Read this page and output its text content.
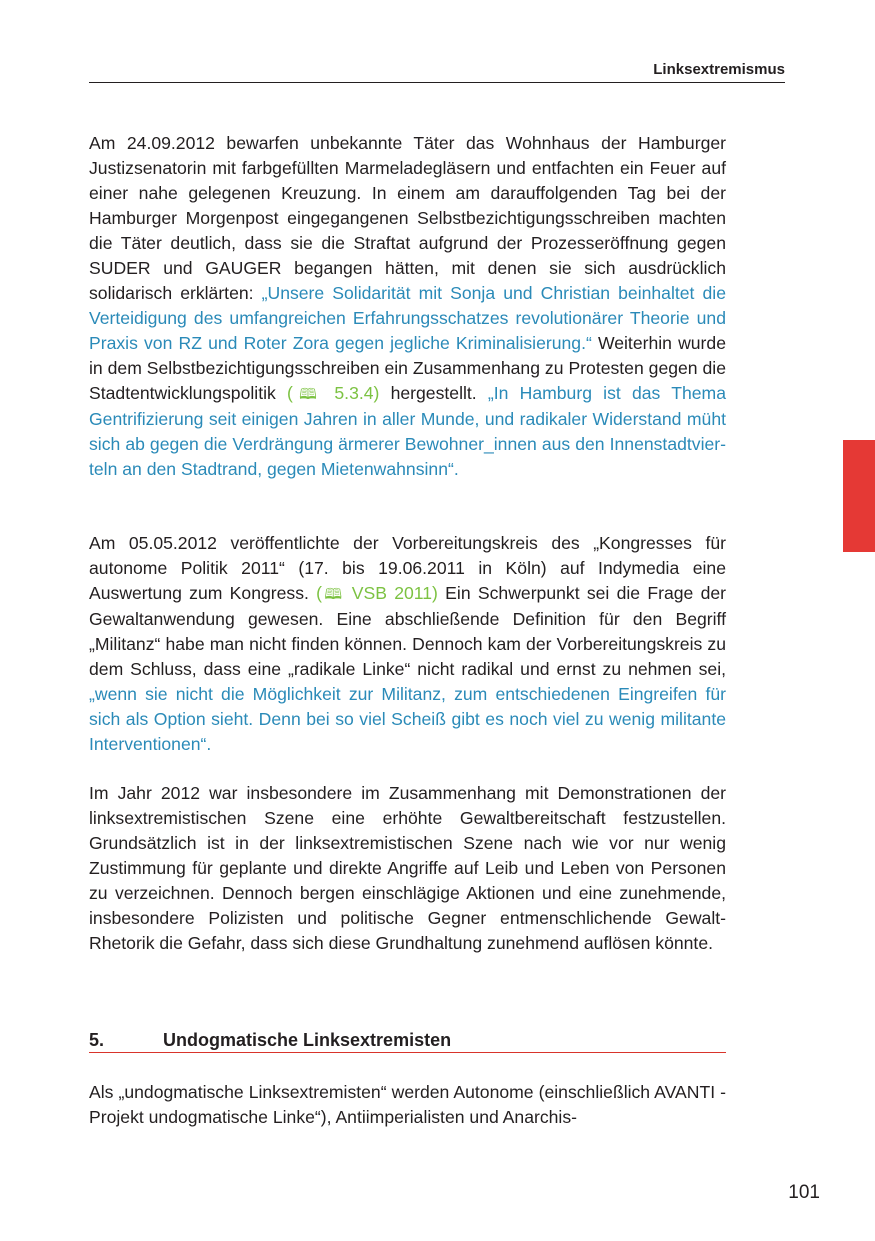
Linksextremismus

Am 24.09.2012 bewarfen unbekannte Täter das Wohnhaus der Hamburger Justizsenatorin mit farbgefüllten Marmeladegläsern und entfachten ein Feuer auf einer nahe gelegenen Kreuzung. In einem am darauffolgenden Tag bei der Hamburger Morgenpost eingegangenen Selbstbezichtigungsschreiben machten die Täter deutlich, dass sie die Straftat aufgrund der Prozesseröffnung gegen SUDER und GAUGER begangen hätten, mit denen sie sich ausdrücklich solidarisch erklärten: „Unsere Solidarität mit Sonja und Christian beinhaltet die Verteidigung des umfangreichen Erfahrungsschatzes revolutionärer Theorie und Praxis von RZ und Roter Zora gegen jegliche Kriminalisierung.“ Weiterhin wurde in dem Selbstbezichtigungsschreiben ein Zusammenhang zu Protesten gegen die Stadtentwicklungspolitik (🕮 5.3.4) hergestellt. „In Hamburg ist das Thema Gentrifizierung seit einigen Jahren in aller Munde, und radikaler Widerstand müht sich ab gegen die Verdrängung ärmerer Bewohner_innen aus den Innenstadtvierteln an den Stadtrand, gegen Mietenwahnsinn“.

Am 05.05.2012 veröffentlichte der Vorbereitungskreis des „Kongresses für autonome Politik 2011“ (17. bis 19.06.2011 in Köln) auf Indymedia eine Auswertung zum Kongress. (🕮 VSB 2011) Ein Schwerpunkt sei die Frage der Gewaltanwendung gewesen. Eine abschließende Definition für den Begriff „Militanz“ habe man nicht finden können. Dennoch kam der Vorbereitungskreis zu dem Schluss, dass eine „radikale Linke“ nicht radikal und ernst zu nehmen sei, „wenn sie nicht die Möglichkeit zur Militanz, zum entschiedenen Eingreifen für sich als Option sieht. Denn bei so viel Scheiß gibt es noch viel zu wenig militante Interventionen“.

Im Jahr 2012 war insbesondere im Zusammenhang mit Demonstrationen der linksextremistischen Szene eine erhöhte Gewaltbereitschaft festzustellen. Grundsätzlich ist in der linksextremistischen Szene nach wie vor nur wenig Zustimmung für geplante und direkte Angriffe auf Leib und Leben von Personen zu verzeichnen. Dennoch bergen einschlägige Aktionen und eine zunehmende, insbesondere Polizisten und politische Gegner entmenschlichende Gewalt-Rhetorik die Gefahr, dass sich diese Grundhaltung zunehmend auflösen könnte.

5.	Undogmatische Linksextremisten

Als „undogmatische Linksextremisten“ werden Autonome (einschließlich AVANTI - Projekt undogmatische Linke“), Antiimperialisten und Anarchis-

101
